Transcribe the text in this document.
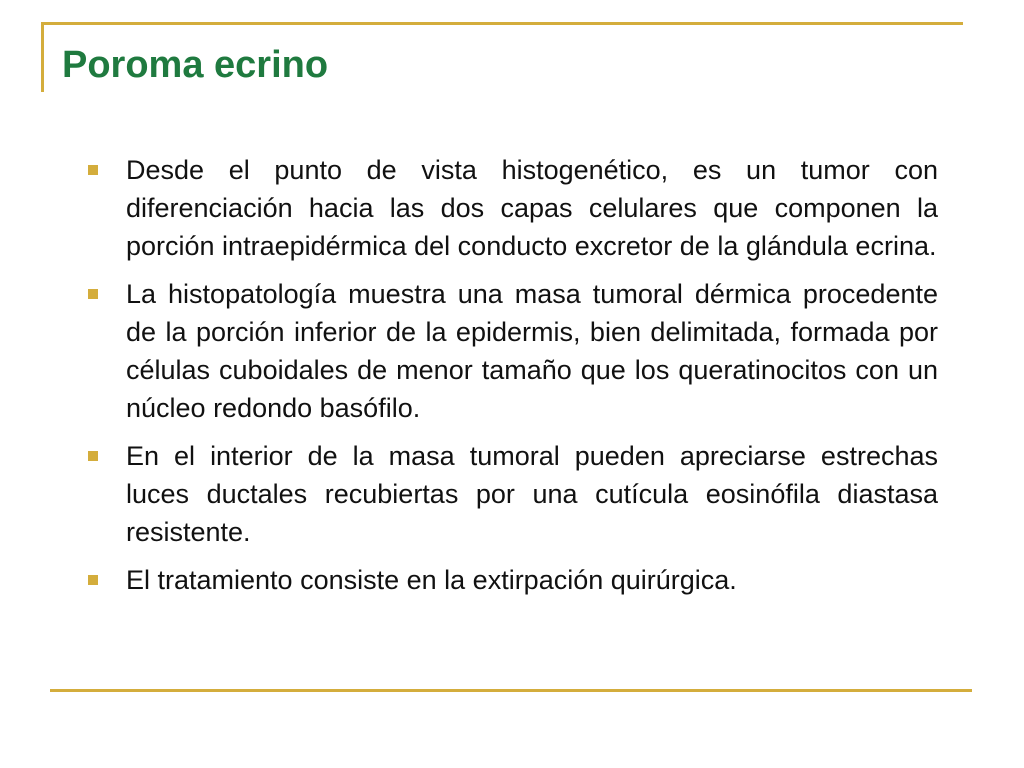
Poroma ecrino
Desde el punto de vista histogenético, es un tumor con diferenciación hacia las dos capas celulares que componen la porción intraepidérmica del conducto excretor de la glándula ecrina.
La histopatología muestra una masa tumoral dérmica procedente de la porción inferior de la epidermis, bien delimitada, formada por células cuboidales de menor tamaño que los queratinocitos con un núcleo redondo basófilo.
En el interior de la masa tumoral pueden apreciarse estrechas luces ductales recubiertas por una cutícula eosinófila diastasa resistente.
El tratamiento consiste en la extirpación quirúrgica.
